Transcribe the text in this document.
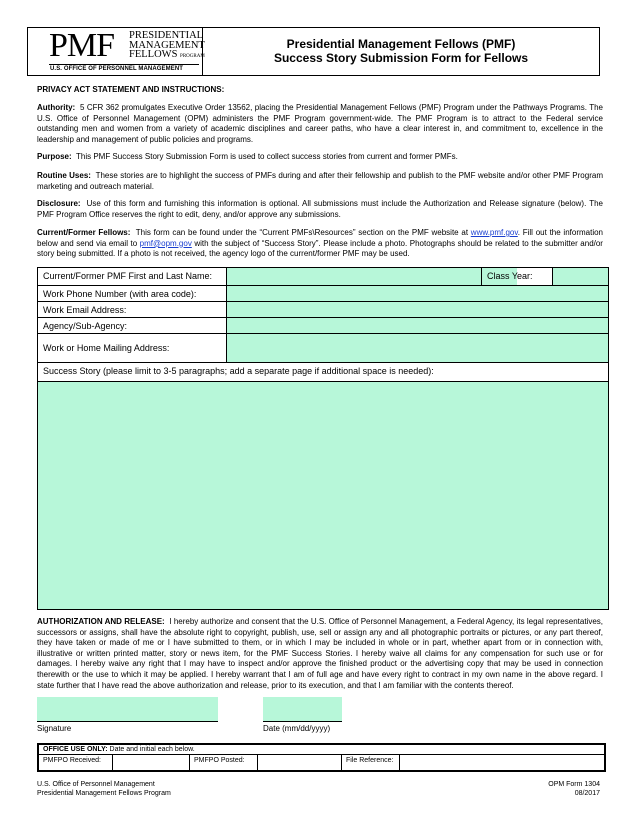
PMF PRESIDENTIAL
MANAGEMENT
FELLOWS PROGRAM
U.S. OFFICE OF PERSONNEL MANAGEMENT
Presidential Management Fellows (PMF)
Success Story Submission Form for Fellows
PRIVACY ACT STATEMENT AND INSTRUCTIONS:
Authority: 5 CFR 362 promulgates Executive Order 13562, placing the Presidential Management Fellows (PMF) Program under the Pathways Programs. The U.S. Office of Personnel Management (OPM) administers the PMF Program government-wide. The PMF Program is to attract to the Federal service outstanding men and women from a variety of academic disciplines and career paths, who have a clear interest in, and commitment to, excellence in the leadership and management of public policies and programs.
Purpose: This PMF Success Story Submission Form is used to collect success stories from current and former PMFs.
Routine Uses: These stories are to highlight the success of PMFs during and after their fellowship and publish to the PMF website and/or other PMF Program marketing and outreach material.
Disclosure: Use of this form and furnishing this information is optional. All submissions must include the Authorization and Release signature (below). The PMF Program Office reserves the right to edit, deny, and/or approve any submissions.
Current/Former Fellows: This form can be found under the “Current PMFs\Resources” section on the PMF website at www.pmf.gov. Fill out the information below and send via email to pmf@opm.gov with the subject of “Success Story”. Please include a photo. Photographs should be related to the submitter and/or story being submitted. If a photo is not received, the agency logo of the current/former PMF may be used.
Current/Former PMF First and Last Name:	Class Year:
Work Phone Number (with area code):
Work Email Address:
Agency/Sub-Agency:
Work or Home Mailing Address:
Success Story (please limit to 3-5 paragraphs; add a separate page if additional space is needed):
AUTHORIZATION AND RELEASE: I hereby authorize and consent that the U.S. Office of Personnel Management, a Federal Agency, its legal representatives, successors or assigns, shall have the absolute right to copyright, publish, use, sell or assign any and all photographic portraits or pictures, or any part thereof, they have taken or made of me or I have submitted to them, or in which I may be included in whole or in part, whether apart from or in connection with, illustrative or written printed matter, story or news item, for the PMF Success Stories. I hereby waive all claims for any compensation for such use or for damages. I hereby waive any right that I may have to inspect and/or approve the finished product or the advertising copy that may be used in connection therewith or the use to which it may be applied. I hereby warrant that I am of full age and have every right to contract in my own name in the above regard. I state further that I have read the above authorization and release, prior to its execution, and that I am familiar with the contents thereof.
Signature	Date (mm/dd/yyyy)
OFFICE USE ONLY: Date and initial each below.
PMFPO Received:	PMFPO Posted:	File Reference:
U.S. Office of Personnel Management
Presidential Management Fellows Program
OPM Form 1304
08/2017
